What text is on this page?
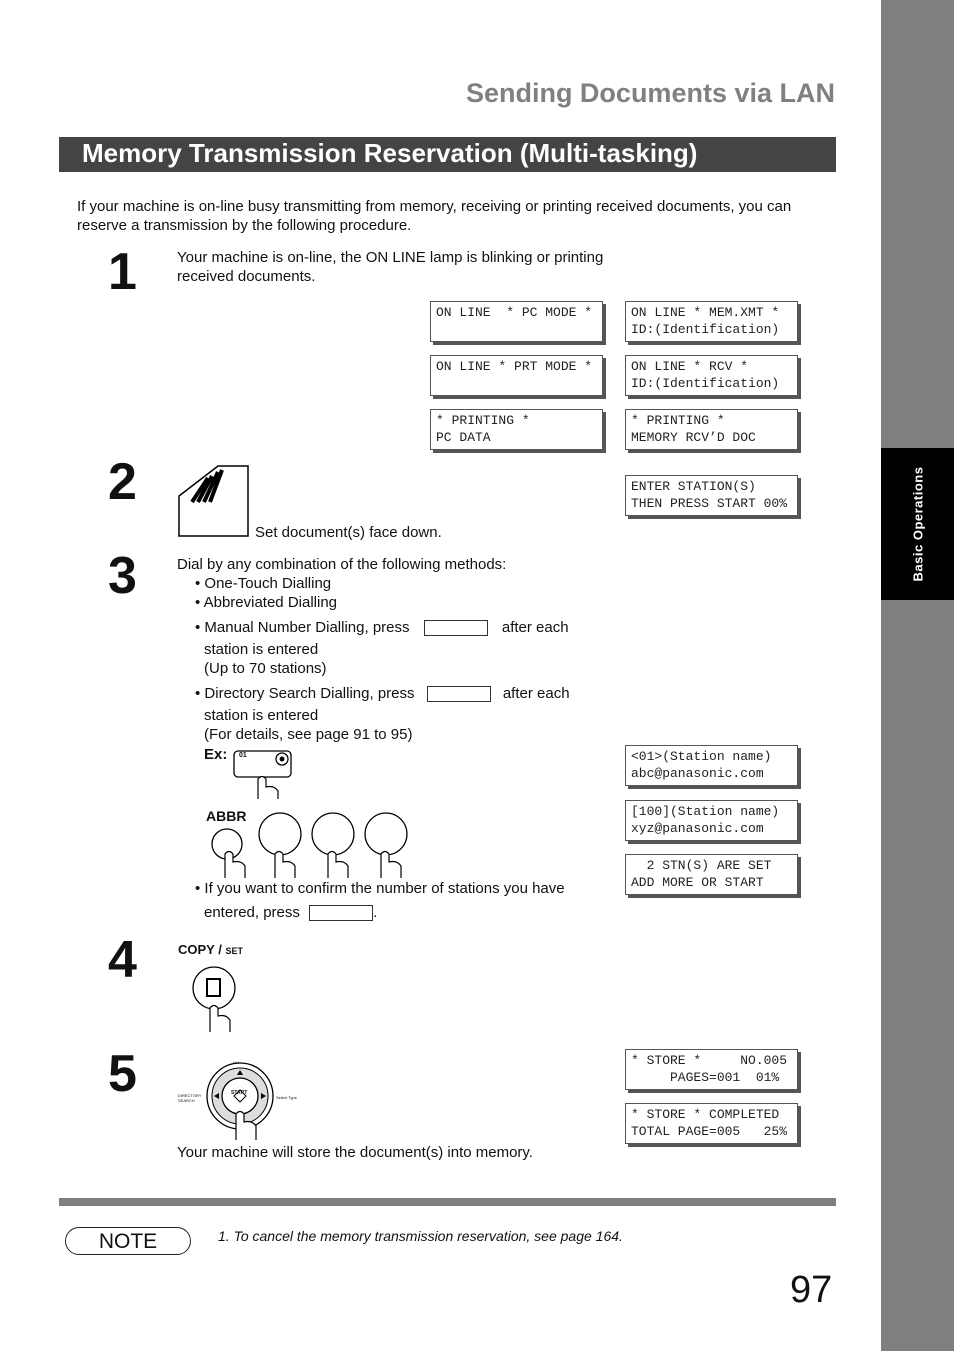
Basic Operations
Sending Documents via LAN
Memory Transmission Reservation (Multi-tasking)
If your machine is on-line busy transmitting from memory, receiving or printing received documents, you can reserve a transmission by the following procedure.
1	Your machine is on-line, the ON LINE lamp is blinking or printing received documents.
ON LINE  * PC MODE *	ON LINE * MEM.XMT *
ID:(Identification)
ON LINE * PRT MODE *	ON LINE * RCV *
ID:(Identification)
* PRINTING *
PC DATA
* PRINTING *
MEMORY RCV’D DOC
2
Set document(s) face down.
ENTER STATION(S)
THEN PRESS START 00%
3	Dial by any combination of the following methods:
• One-Touch Dialling
• Abbreviated Dialling
• Manual Number Dialling, press	after each
station is entered
(Up to 70 stations)
• Directory Search Dialling, press	after each
station is entered
(For details, see page 91 to 95)
Ex: 01
ABBR
• If you want to confirm the number of stations you have
entered, press	.
<01>(Station name)
abc@panasonic.com
[100](Station name)
xyz@panasonic.com
2 STN(S) ARE SET
ADD MORE OR START
4	COPY / SET
5	Vol.
DIRECTORY SEARCH
Select Type
START
Your machine will store the document(s) into memory.
* STORE *     NO.005
PAGES=001  01%
* STORE * COMPLETED
TOTAL PAGE=005   25%
NOTE	1. To cancel the memory transmission reservation, see page 164.
97
